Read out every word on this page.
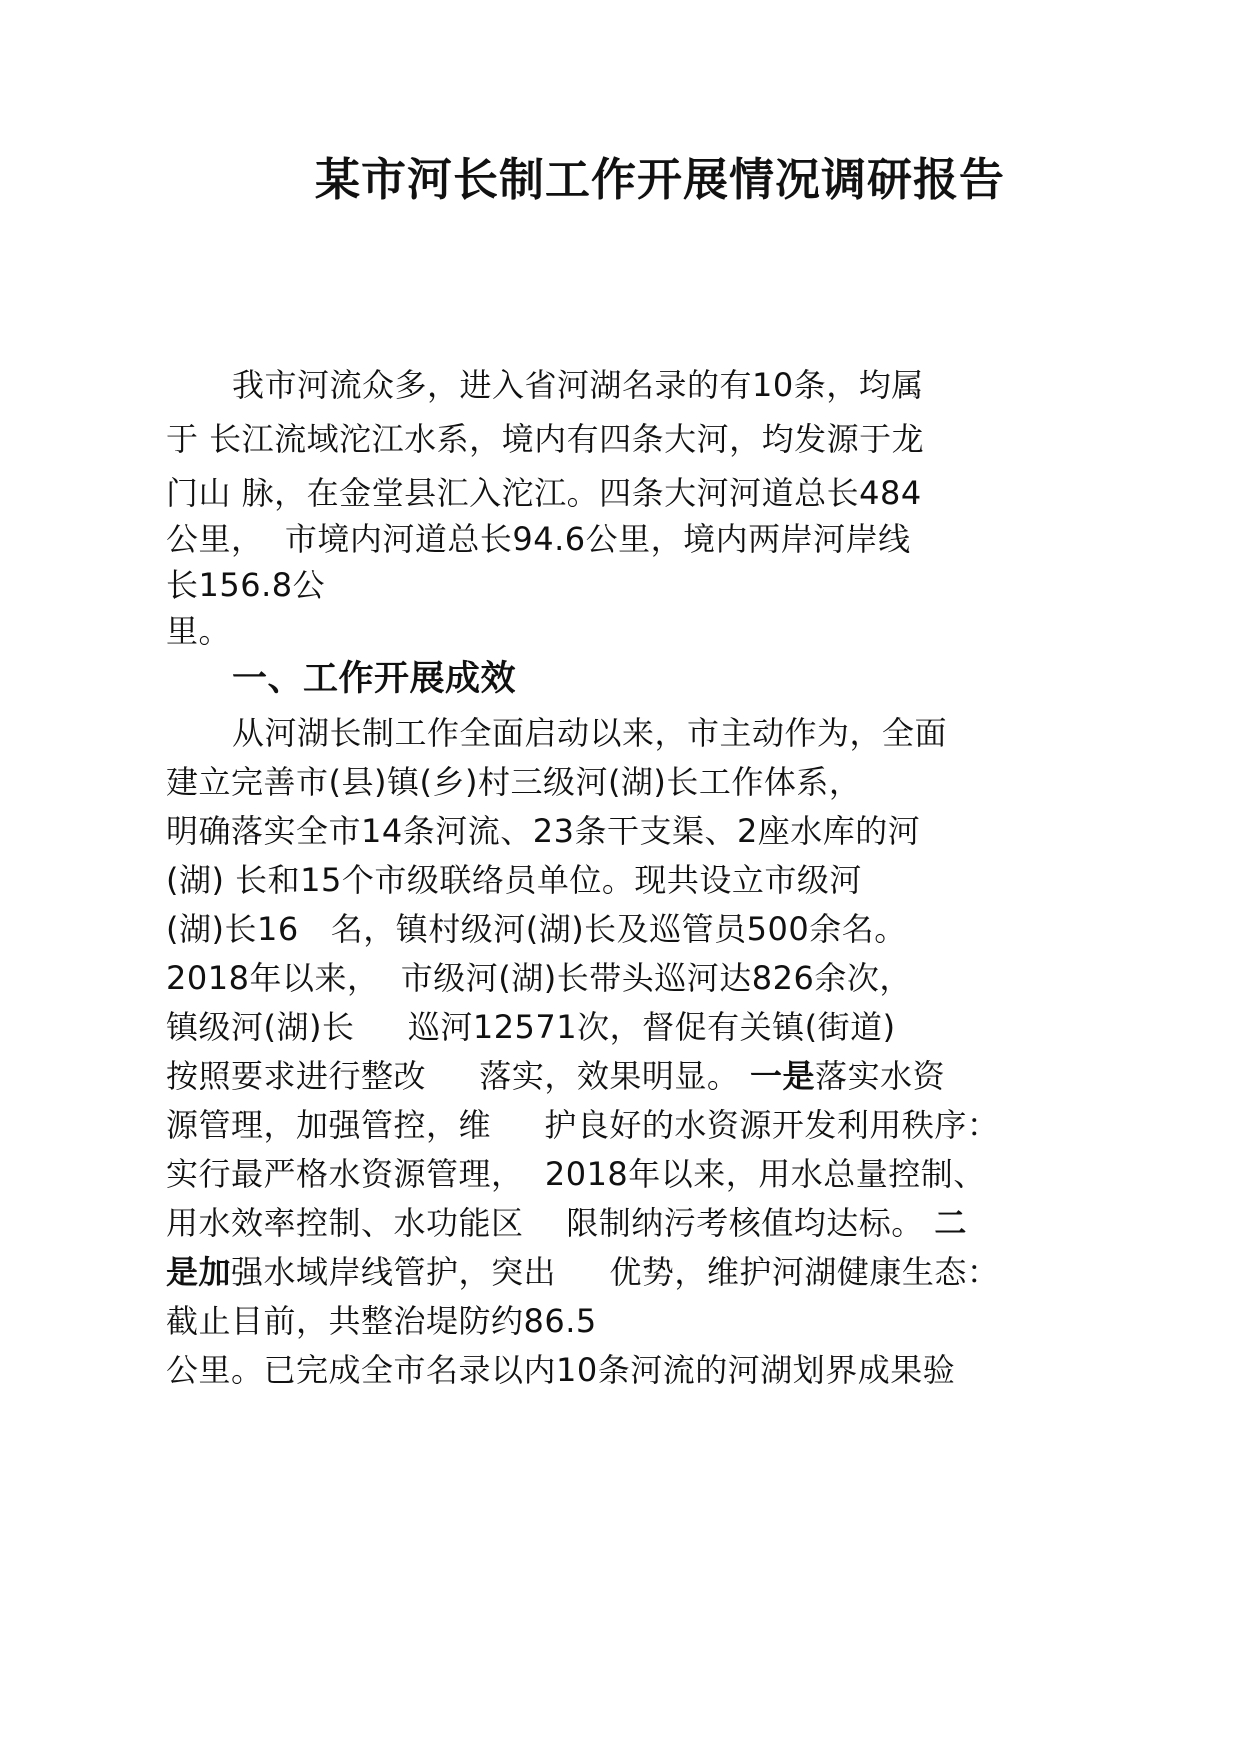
某市河长制工作开展情况调研报告
我市河流众多，进入省河湖名录的有10条，均属
于 长江流域沱江水系，境内有四条大河，均发源于龙
门山 脉，在金堂县汇入沱江。四条大河河道总长484
公里，  市境内河道总长94.6公里，境内两岸河岸线
长156.8公
里。
一、工作开展成效
从河湖长制工作全面启动以来，市主动作为，全面
建立完善市(县)镇(乡)村三级河(湖)长工作体系，
明确落实全市14条河流、23条干支渠、2座水库的河
(湖) 长和15个市级联络员单位。现共设立市级河
(湖)长16   名，镇村级河(湖)长及巡管员500余名。
2018年以来，  市级河(湖)长带头巡河达826余次，
镇级河(湖)长     巡河12571次，督促有关镇(街道)
按照要求进行整改     落实，效果明显。 一是落实水资
源管理，加强管控，维     护良好的水资源开发利用秩序：
实行最严格水资源管理，  2018年以来，用水总量控制、
用水效率控制、水功能区    限制纳污考核值均达标。 二
是加强水域岸线管护，突出     优势，维护河湖健康生态：
截止目前，共整治堤防约86.5
公里。已完成全市名录以内10条河流的河湖划界成果验
